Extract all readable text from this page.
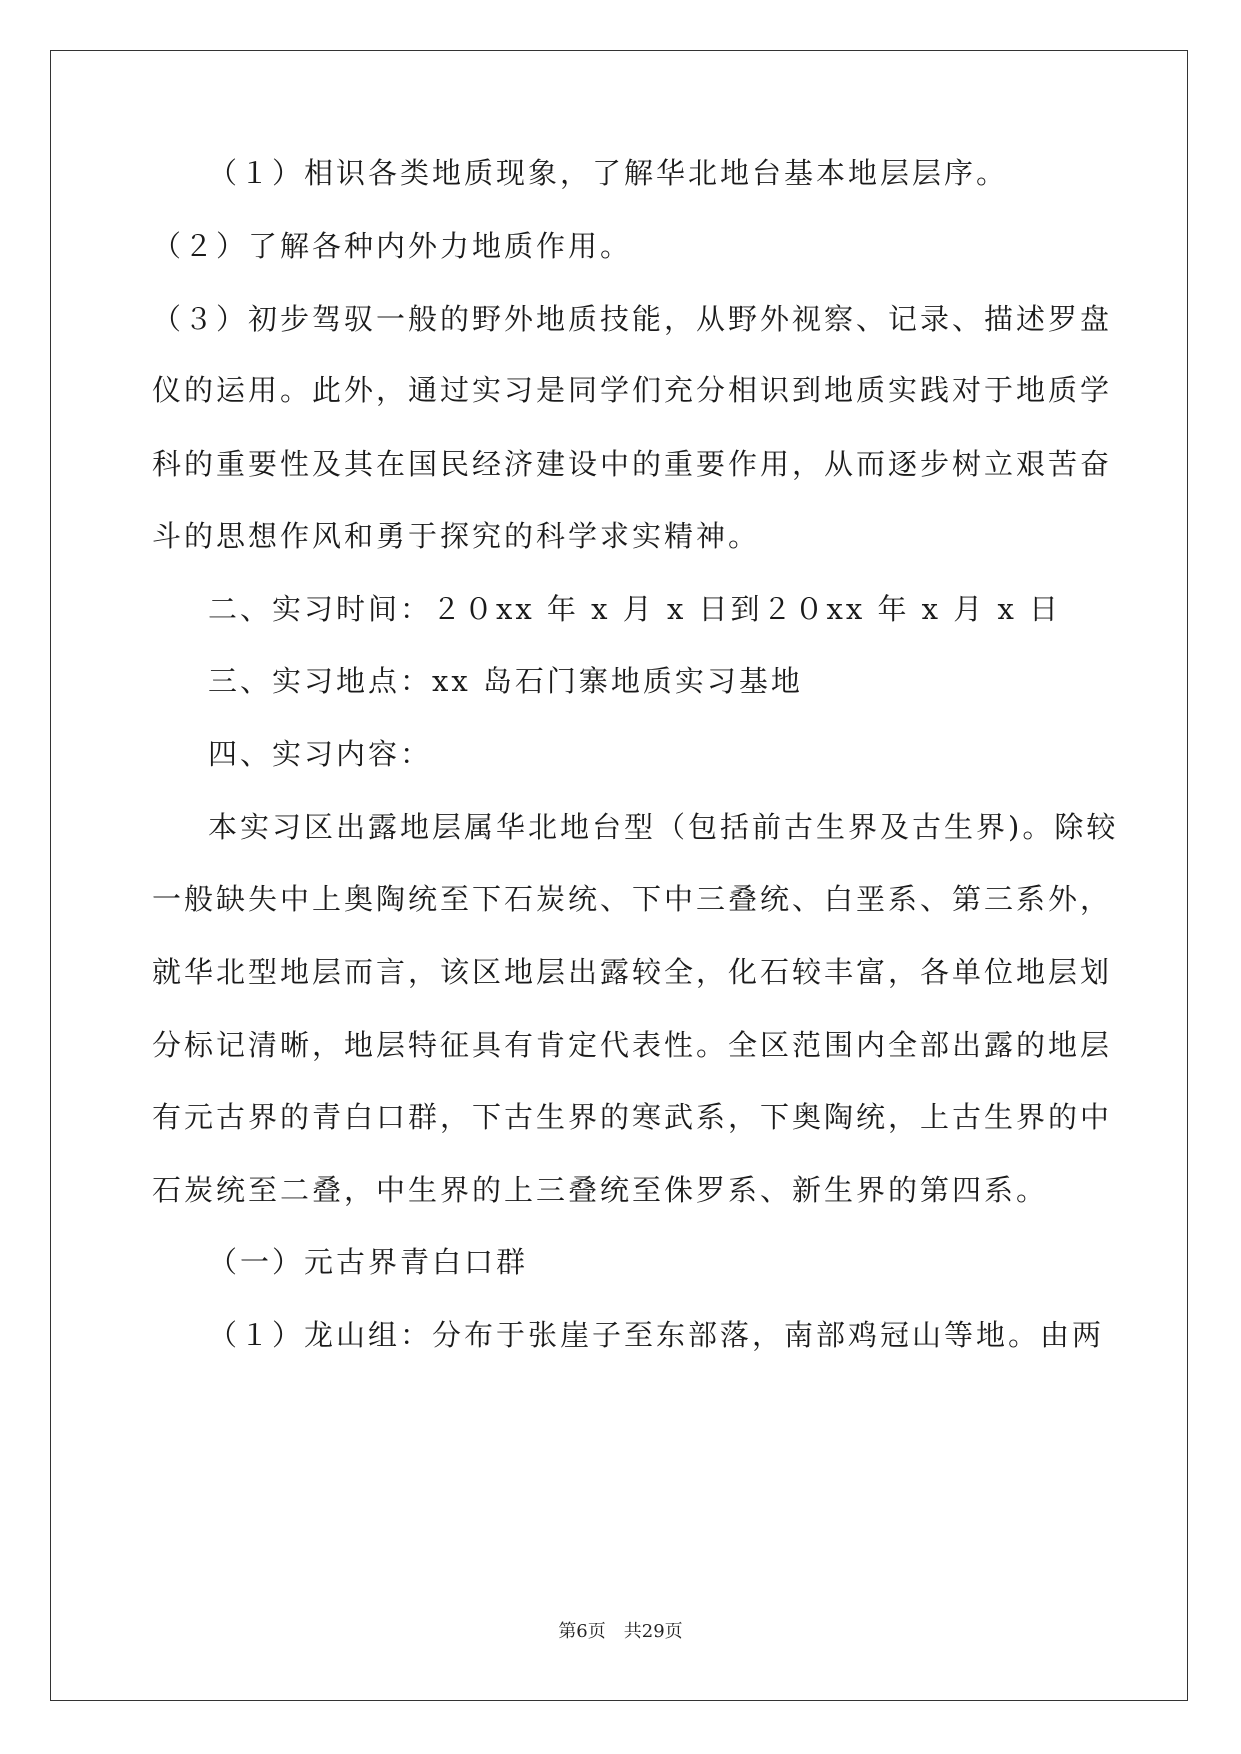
（１）相识各类地质现象，了解华北地台基本地层层序。
（２）了解各种内外力地质作用。
（３）初步驾驭一般的野外地质技能，从野外视察、记录、描述罗盘
仪的运用。此外，通过实习是同学们充分相识到地质实践对于地质学
科的重要性及其在国民经济建设中的重要作用，从而逐步树立艰苦奋
斗的思想作风和勇于探究的科学求实精神。
二、实习时间：２０xx 年 x 月 x 日到２０xx 年 x 月 x 日
三、实习地点：xx 岛石门寨地质实习基地
四、实习内容：
本实习区出露地层属华北地台型（包括前古生界及古生界)。除较
一般缺失中上奥陶统至下石炭统、下中三叠统、白垩系、第三系外，
就华北型地层而言，该区地层出露较全，化石较丰富，各单位地层划
分标记清晰，地层特征具有肯定代表性。全区范围内全部出露的地层
有元古界的青白口群，下古生界的寒武系，下奥陶统，上古生界的中
石炭统至二叠，中生界的上三叠统至侏罗系、新生界的第四系。
（一）元古界青白口群
（１）龙山组：分布于张崖子至东部落，南部鸡冠山等地。由两
第6页 共29页
